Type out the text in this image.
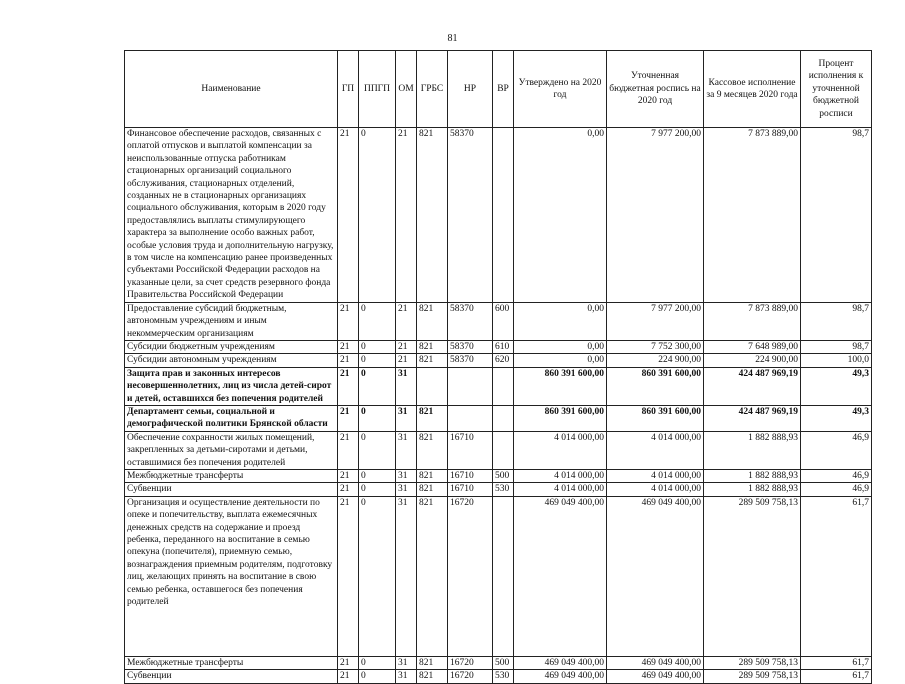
81
Наименование	ГП	ППГП	ОМ	ГРБС	НР	ВР	Утверждено на 2020 год	Уточненная бюджетная роспись на 2020 год	Кассовое исполнение за 9 месяцев 2020 года	Процент исполнения к уточненной бюджетной росписи
Финансовое обеспечение расходов, связанных с оплатой отпусков и выплатой компенсации за неиспользованные отпуска работникам стационарных организаций социального обслуживания, стационарных отделений, созданных не в стационарных организациях социального обслуживания, которым в 2020 году предоставлялись выплаты стимулирующего характера за выполнение особо важных работ, особые условия труда и дополнительную нагрузку, в том числе на компенсацию ранее произведенных субъектами Российской Федерации расходов на указанные цели, за счет средств резервного фонда Правительства Российской Федерации	21	0	21	821	58370		0,00	7 977 200,00	7 873 889,00	98,7
Предоставление субсидий бюджетным, автономным учреждениям и иным некоммерческим организациям	21	0	21	821	58370	600	0,00	7 977 200,00	7 873 889,00	98,7
Субсидии бюджетным учреждениям	21	0	21	821	58370	610	0,00	7 752 300,00	7 648 989,00	98,7
Субсидии автономным учреждениям	21	0	21	821	58370	620	0,00	224 900,00	224 900,00	100,0
Защита прав и законных интересов несовершеннолетних, лиц из числа детей-сирот и детей, оставшихся без попечения родителей	21	0	31				860 391 600,00	860 391 600,00	424 487 969,19	49,3
Департамент семьи, социальной и демографической политики Брянской области	21	0	31	821			860 391 600,00	860 391 600,00	424 487 969,19	49,3
Обеспечение сохранности жилых помещений, закрепленных за детьми-сиротами и детьми, оставшимися без попечения родителей	21	0	31	821	16710		4 014 000,00	4 014 000,00	1 882 888,93	46,9
Межбюджетные трансферты	21	0	31	821	16710	500	4 014 000,00	4 014 000,00	1 882 888,93	46,9
Субвенции	21	0	31	821	16710	530	4 014 000,00	4 014 000,00	1 882 888,93	46,9
Организация и осуществление деятельности по опеке и попечительству, выплата ежемесячных денежных средств на содержание и проезд ребенка, переданного на воспитание в семью опекуна (попечителя), приемную семью, вознаграждения приемным родителям, подготовку лиц, желающих принять на воспитание в свою семью ребенка, оставшегося без попечения родителей	21	0	31	821	16720		469 049 400,00	469 049 400,00	289 509 758,13	61,7
Межбюджетные трансферты	21	0	31	821	16720	500	469 049 400,00	469 049 400,00	289 509 758,13	61,7
Субвенции	21	0	31	821	16720	530	469 049 400,00	469 049 400,00	289 509 758,13	61,7
